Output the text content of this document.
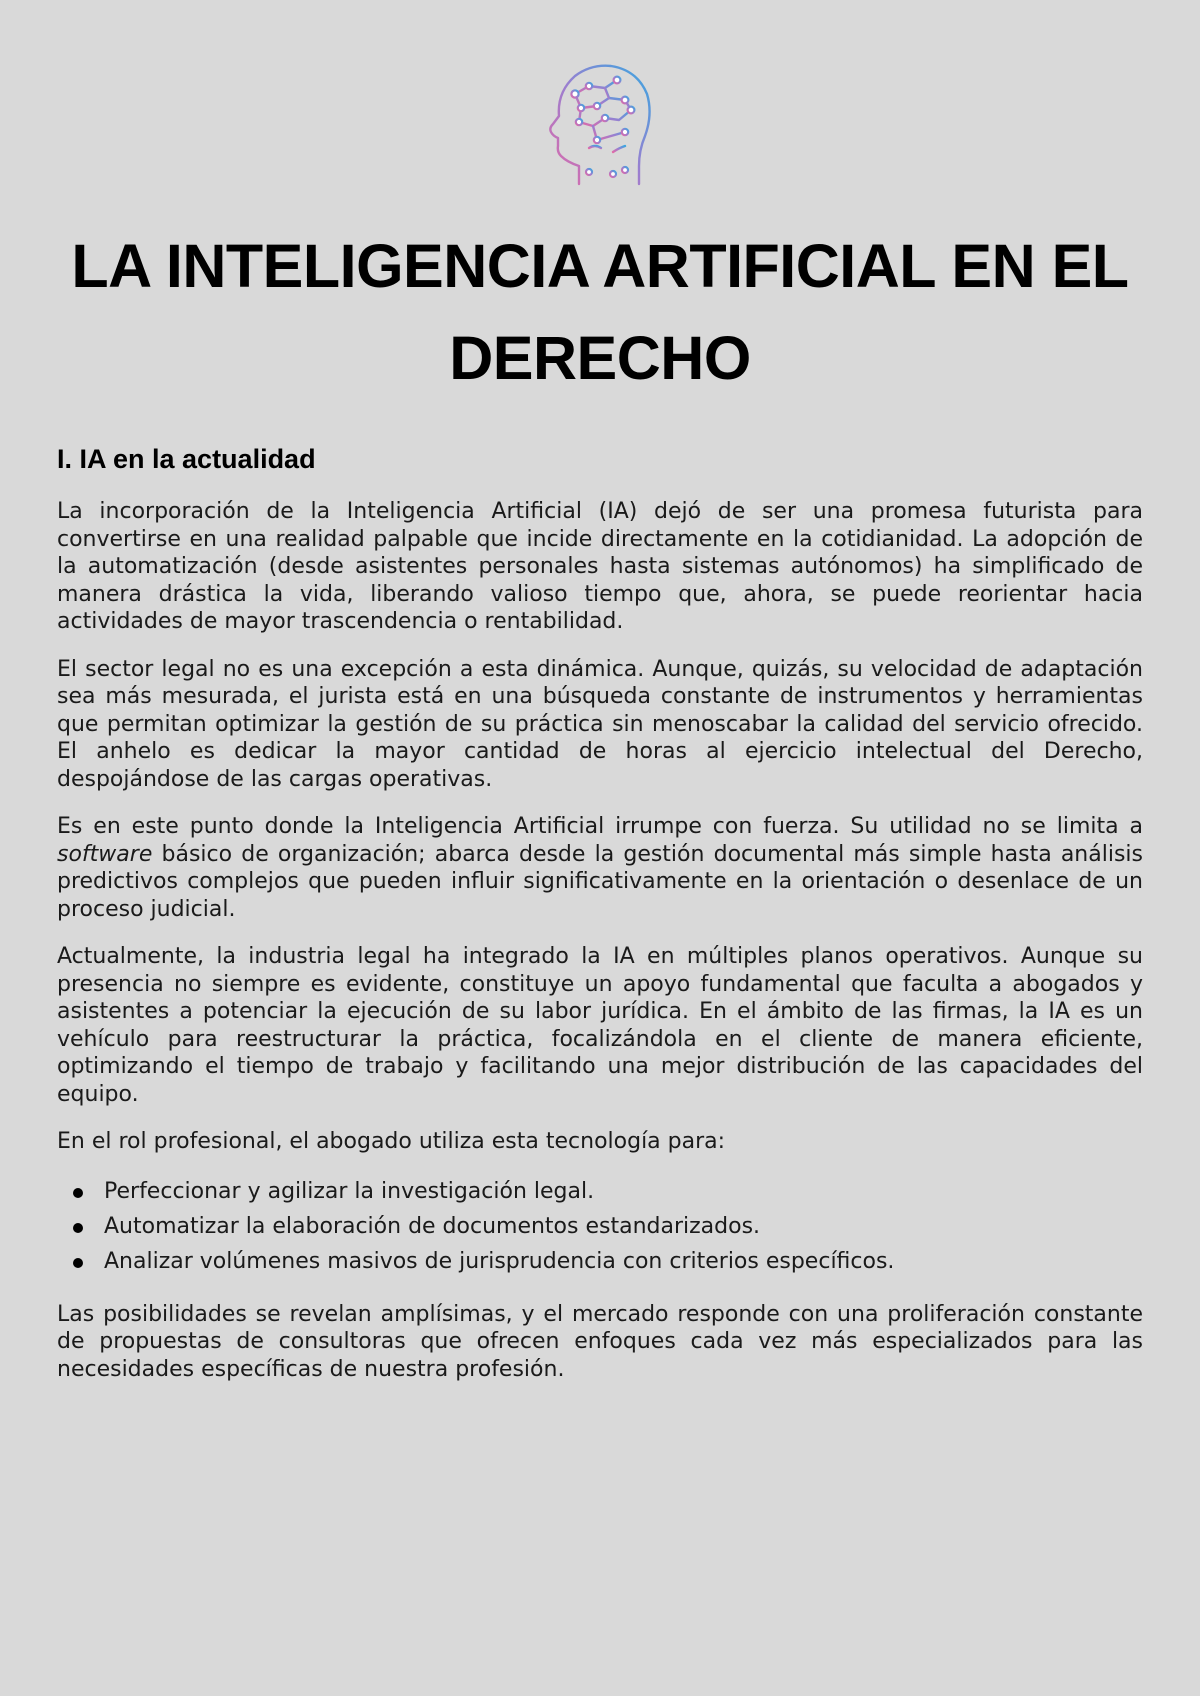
LA INTELIGENCIA ARTIFICIAL EN EL DERECHO
I. IA en la actualidad

La incorporación de la Inteligencia Artificial (IA) dejó de ser una promesa futurista para convertirse en una realidad palpable que incide directamente en la cotidianidad. La adopción de la automatización (desde asistentes personales hasta sistemas autónomos) ha simplificado de manera drástica la vida, liberando valioso tiempo que, ahora, se puede reorientar hacia actividades de mayor trascendencia o rentabilidad.

El sector legal no es una excepción a esta dinámica. Aunque, quizás, su velocidad de adaptación sea más mesurada, el jurista está en una búsqueda constante de instrumentos y herramientas que permitan optimizar la gestión de su práctica sin menoscabar la calidad del servicio ofrecido. El anhelo es dedicar la mayor cantidad de horas al ejercicio intelectual del Derecho, despojándose de las cargas operativas.

Es en este punto donde la Inteligencia Artificial irrumpe con fuerza. Su utilidad no se limita a software básico de organización; abarca desde la gestión documental más simple hasta análisis predictivos complejos que pueden influir significativamente en la orientación o desenlace de un proceso judicial.

Actualmente, la industria legal ha integrado la IA en múltiples planos operativos. Aunque su presencia no siempre es evidente, constituye un apoyo fundamental que faculta a abogados y asistentes a potenciar la ejecución de su labor jurídica. En el ámbito de las firmas, la IA es un vehículo para reestructurar la práctica, focalizándola en el cliente de manera eficiente, optimizando el tiempo de trabajo y facilitando una mejor distribución de las capacidades del equipo.

En el rol profesional, el abogado utiliza esta tecnología para:

Perfeccionar y agilizar la investigación legal.
Automatizar la elaboración de documentos estandarizados.
Analizar volúmenes masivos de jurisprudencia con criterios específicos.

Las posibilidades se revelan amplísimas, y el mercado responde con una proliferación constante de propuestas de consultoras que ofrecen enfoques cada vez más especializados para las necesidades específicas de nuestra profesión.
